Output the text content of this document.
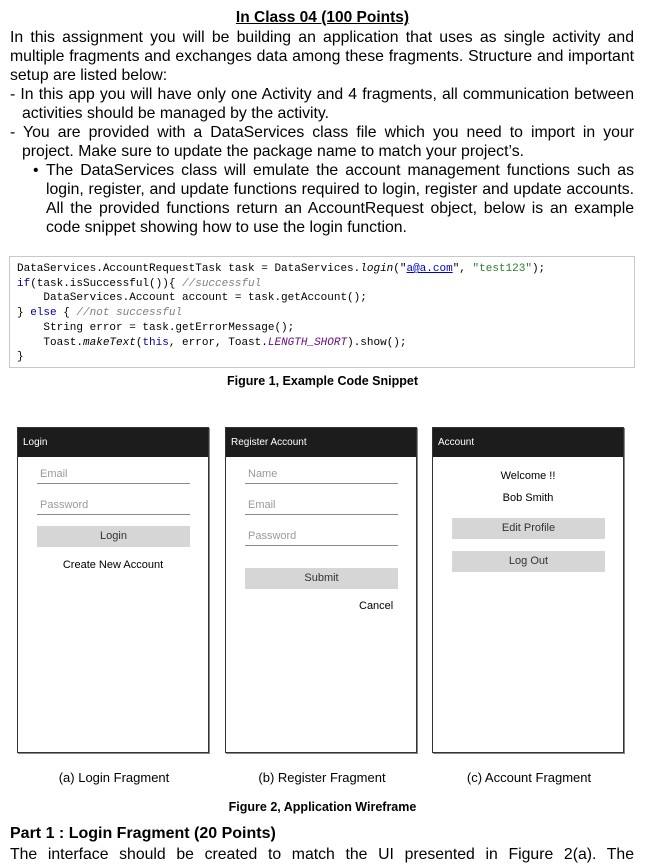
In Class 04 (100 Points)
In this assignment you will be building an application that uses as single activity and multiple fragments and exchanges data among these fragments. Structure and important setup are listed below:
- In this app you will have only one Activity and 4 fragments, all communication between
activities should be managed by the activity.
- You are provided with a DataServices class file which you need to import in your
project. Make sure to update the package name to match your project’s.
• The DataServices class will emulate the account management functions such as login, register, and update functions required to login, register and update accounts. All the provided functions return an AccountRequest object, below is an example code snippet showing how to use the login function.
DataServices.AccountRequestTask task = DataServices.login("a@a.com", "test123");
if(task.isSuccessful()){ //successful
DataServices.Account account = task.getAccount();
} else { //not successful
String error = task.getErrorMessage();
Toast.makeText(this, error, Toast.LENGTH_SHORT).show();
}
Figure 1, Example Code Snippet
Login
Email
Password
Login
Create New Account
Register Account
Name
Email
Password
Submit
Cancel
Account
Welcome !!
Bob Smith
Edit Profile
Log Out
(a) Login Fragment	(b) Register Fragment	(c) Account Fragment
Figure 2, Application Wireframe
Part 1 : Login Fragment (20 Points)
The interface should be created to match the UI presented in Figure 2(a). The
